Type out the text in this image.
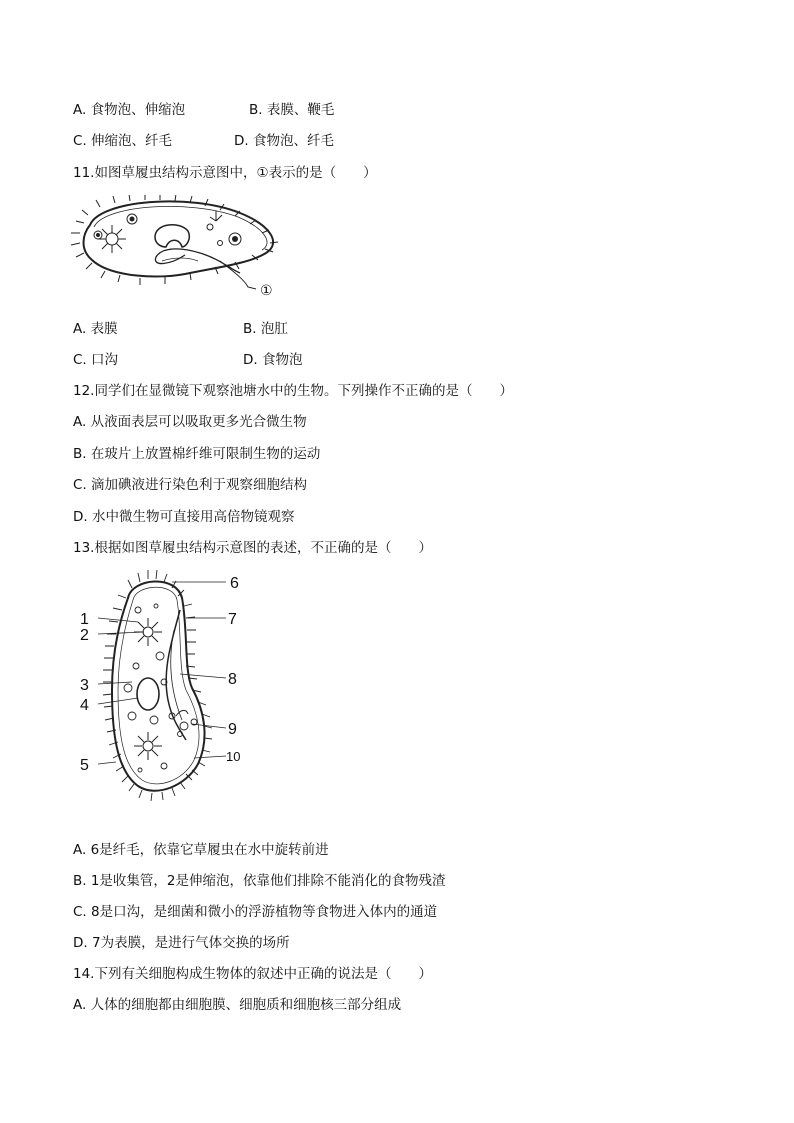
A. 食物泡、伸缩泡	B. 表膜、鞭毛
C. 伸缩泡、纤毛	D. 食物泡、纤毛
11.如图草履虫结构示意图中，①表示的是（　　）
①
A. 表膜	B. 泡肛
C. 口沟	D. 食物泡
12.同学们在显微镜下观察池塘水中的生物。下列操作不正确的是（　　）
A. 从液面表层可以吸取更多光合微生物
B. 在玻片上放置棉纤维可限制生物的运动
C. 滴加碘液进行染色利于观察细胞结构
D. 水中微生物可直接用高倍物镜观察
13.根据如图草履虫结构示意图的表述，不正确的是（　　）
1
2
3
4
5
6
7
8
9
10
A. 6是纤毛，依靠它草履虫在水中旋转前进
B. 1是收集管，2是伸缩泡，依靠他们排除不能消化的食物残渣
C. 8是口沟，是细菌和微小的浮游植物等食物进入体内的通道
D. 7为表膜，是进行气体交换的场所
14.下列有关细胞构成生物体的叙述中正确的说法是（　　）
A. 人体的细胞都由细胞膜、细胞质和细胞核三部分组成
